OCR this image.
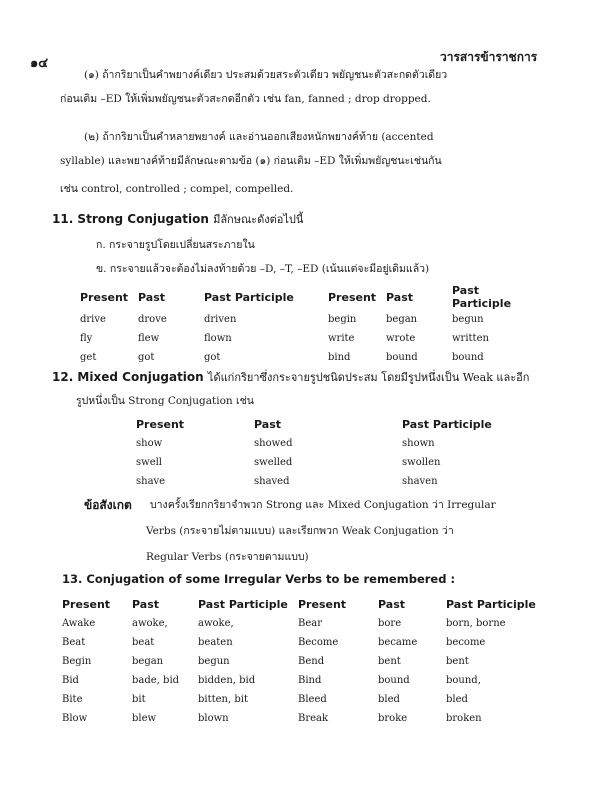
๑๔	วารสารข้าราชการ
(๑) ถ้ากริยาเป็นคำพยางค์เดียว ประสมด้วยสระตัวเดียว พยัญชนะตัวสะกดตัวเดียว
ก่อนเติม –ED ให้เพิ่มพยัญชนะตัวสะกดอีกตัว เช่น fan, fanned ; drop dropped.
(๒) ถ้ากริยาเป็นคำหลายพยางค์ และอ่านออกเสียงหนักพยางค์ท้าย (accented
syllable) และพยางค์ท้ายมีลักษณะตามข้อ (๑) ก่อนเติม –ED ให้เพิ่มพยัญชนะเช่นกัน
เช่น control, controlled ; compel, compelled.
11. Strong Conjugation มีลักษณะดังต่อไปนี้
ก. กระจายรูปโดยเปลี่ยนสระภายใน
ข. กระจายแล้วจะต้องไม่ลงท้ายด้วย –D, –T, –ED (เน้นแต่จะมีอยู่เดิมแล้ว)
Present	Past	Past Participle	Present	Past	Past Participle
drive	drove	driven	begin	began	begun
fly	flew	flown	write	wrote	written
get	got	got	bind	bound	bound
12. Mixed Conjugation ได้แก่กริยาซึ่งกระจายรูปชนิดประสม โดยมีรูปหนึ่งเป็น Weak และอีก
รูปหนึ่งเป็น Strong Conjugation เช่น
Present	Past	Past Participle
show	showed	shown
swell	swelled	swollen
shave	shaved	shaven
ข้อสังเกต บางครั้งเรียกกริยาจำพวก Strong และ Mixed Conjugation ว่า Irregular
Verbs (กระจายไม่ตามแบบ) และเรียกพวก Weak Conjugation ว่า
Regular Verbs (กระจายตามแบบ)
13. Conjugation of some Irregular Verbs to be remembered :
Present	Past	Past Participle	Present	Past	Past Participle
Awake	awoke,	awoke,	Bear	bore	born, borne
Beat	beat	beaten	Become	became	become
Begin	began	begun	Bend	bent	bent
Bid	bade, bid	bidden, bid	Bind	bound	bound,
Bite	bit	bitten, bit	Bleed	bled	bled
Blow	blew	blown	Break	broke	broken
